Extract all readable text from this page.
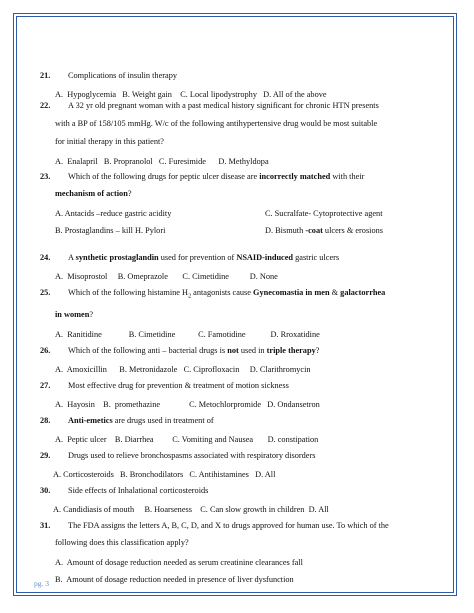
21.	Complications of insulin therapy
A.  Hypoglycemia   B. Weight gain    C. Local lipodystrophy   D. All of the above
22.	A 32 yr old pregnant woman with a past medical history significant for chronic HTN presents
with a BP of 158/105 mmHg. W/c of the following antihypertensive drug would be most suitable
for initial therapy in this patient?
A.  Enalapril   B. Propranolol   C. Furesimide      D. Methyldopa
23.	Which of the following drugs for peptic ulcer disease are incorrectly matched with their
mechanism of action?
A. Antacids –reduce gastric acidity	C. Sucralfate- Cytoprotective agent
B. Prostaglandins – kill H. Pylori	D. Bismuth -coat ulcers & erosions
24.	A synthetic prostaglandin used for prevention of NSAID-induced gastric ulcers
A.  Misoprostol     B. Omeprazole       C. Cimetidine          D. None
25.	Which of the following histamine $H_2$ antagonists cause Gynecomastia in men & galactorrhea
in women?
A.  Ranitidine             B. Cimetidine           C. Famotidine            D. Rroxatidine
26.	Which of the following anti – bacterial drugs is not used in triple therapy?
A.  Amoxicillin      B. Metronidazole   C. Ciprofloxacin     D. Clarithromycin
27.	Most effective drug for prevention & treatment of motion sickness
A.  Hayosin    B.  promethazine              C. Metochlorpromide   D. Ondansetron
28.	Anti-emetics are drugs used in treatment of
A.  Peptic ulcer    B. Diarrhea         C. Vomiting and Nausea       D. constipation
29.	Drugs used to relieve bronchospasms associated with respiratory disorders
A. Corticosteroids   B. Bronchodilators   C. Antihistamines   D. All
30.	Side effects of Inhalational corticosteroids
A. Candidiasis of mouth     B. Hoarseness    C. Can slow growth in children  D. All
31.	The FDA assigns the letters A, B, C, D, and X to drugs approved for human use. To which of the
following does this classification apply?
A.  Amount of dosage reduction needed as serum creatinine clearances fall
B.  Amount of dosage reduction needed in presence of liver dysfunction
pg. 3
